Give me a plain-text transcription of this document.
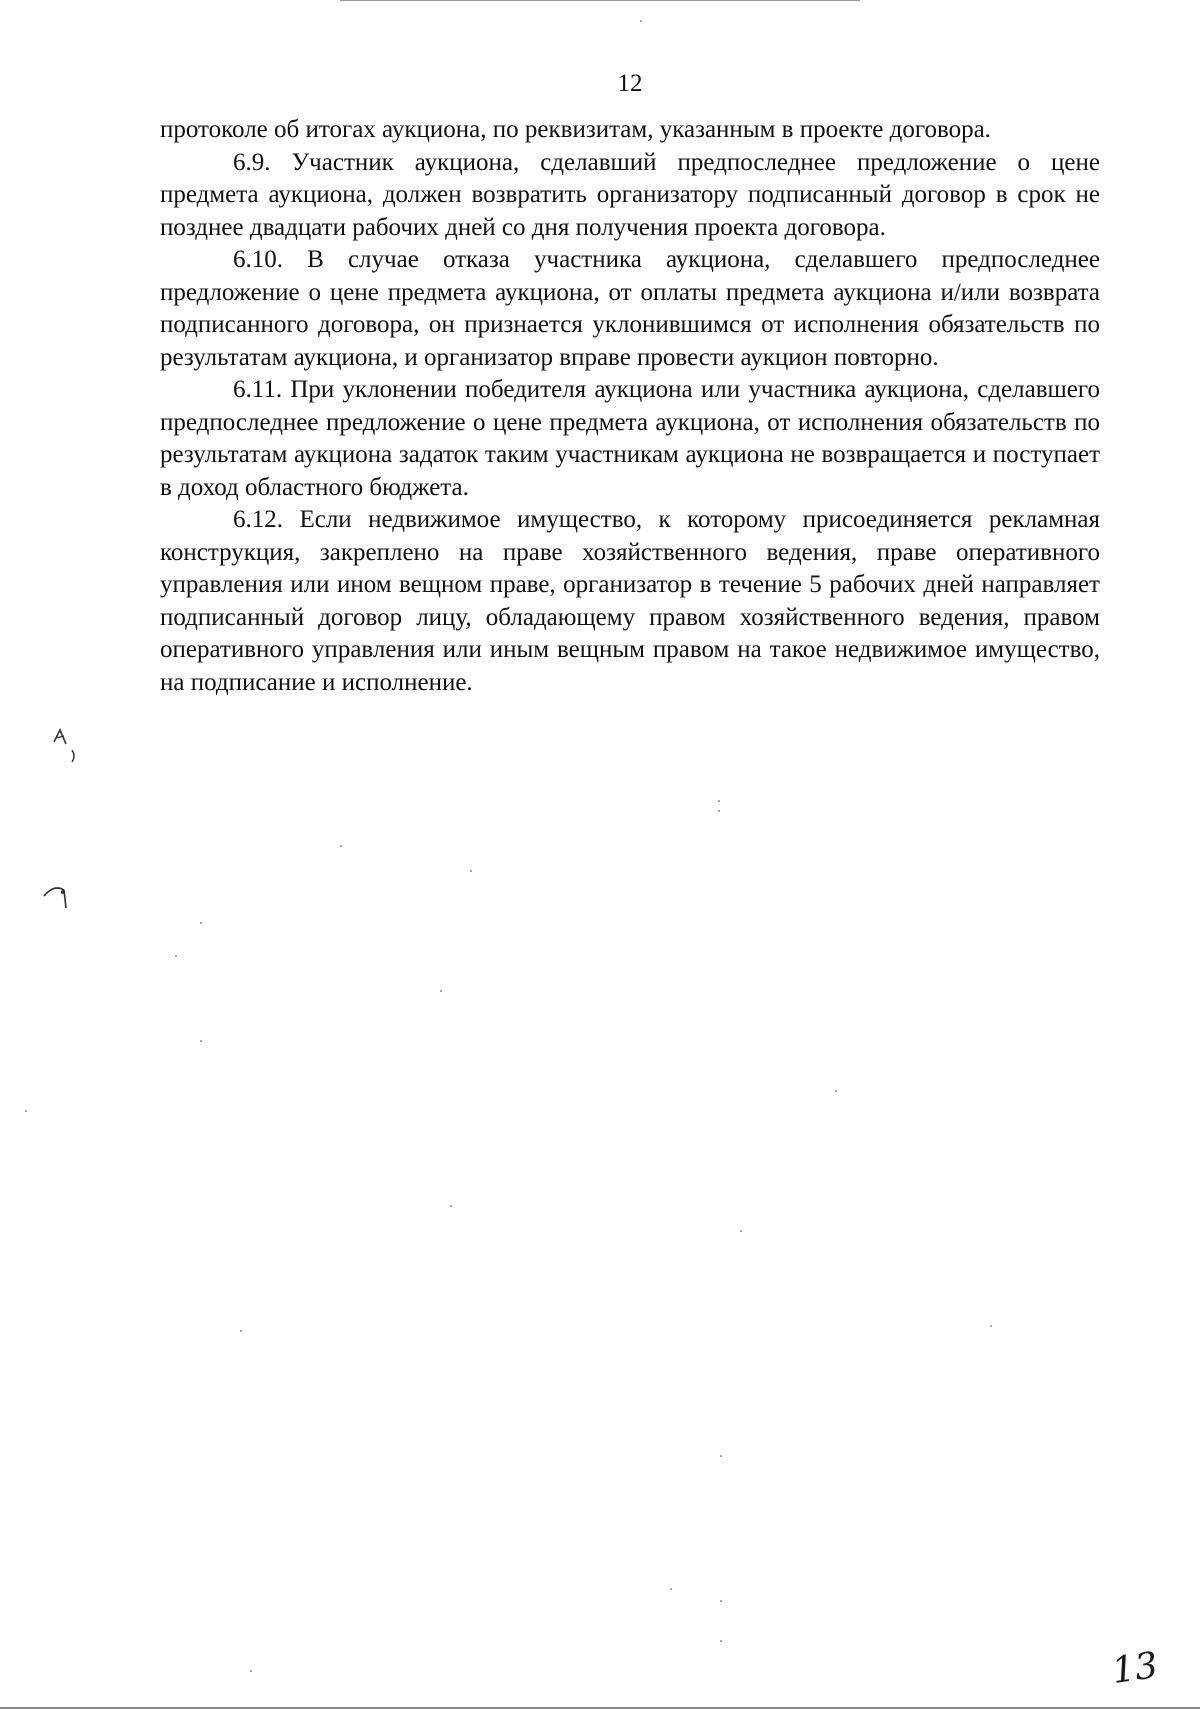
12

протоколе об итогах аукциона, по реквизитам, указанным в проекте договора.

6.9. Участник аукциона, сделавший предпоследнее предложение о цене предмета аукциона, должен возвратить организатору подписанный договор в срок не позднее двадцати рабочих дней со дня получения проекта договора.

6.10. В случае отказа участника аукциона, сделавшего предпоследнее предложение о цене предмета аукциона, от оплаты предмета аукциона и/или возврата подписанного договора, он признается уклонившимся от исполнения обязательств по результатам аукциона, и организатор вправе провести аукцион повторно.

6.11. При уклонении победителя аукциона или участника аукциона, сделавшего предпоследнее предложение о цене предмета аукциона, от исполнения обязательств по результатам аукциона задаток таким участникам аукциона не возвращается и поступает в доход областного бюджета.

6.12. Если недвижимое имущество, к которому присоединяется рекламная конструкция, закреплено на праве хозяйственного ведения, праве оперативного управления или ином вещном праве, организатор в течение 5 рабочих дней направляет подписанный договор лицу, обладающему правом хозяйственного ведения, правом оперативного управления или иным вещным правом на такое недвижимое имущество, на подписание и исполнение.

13
